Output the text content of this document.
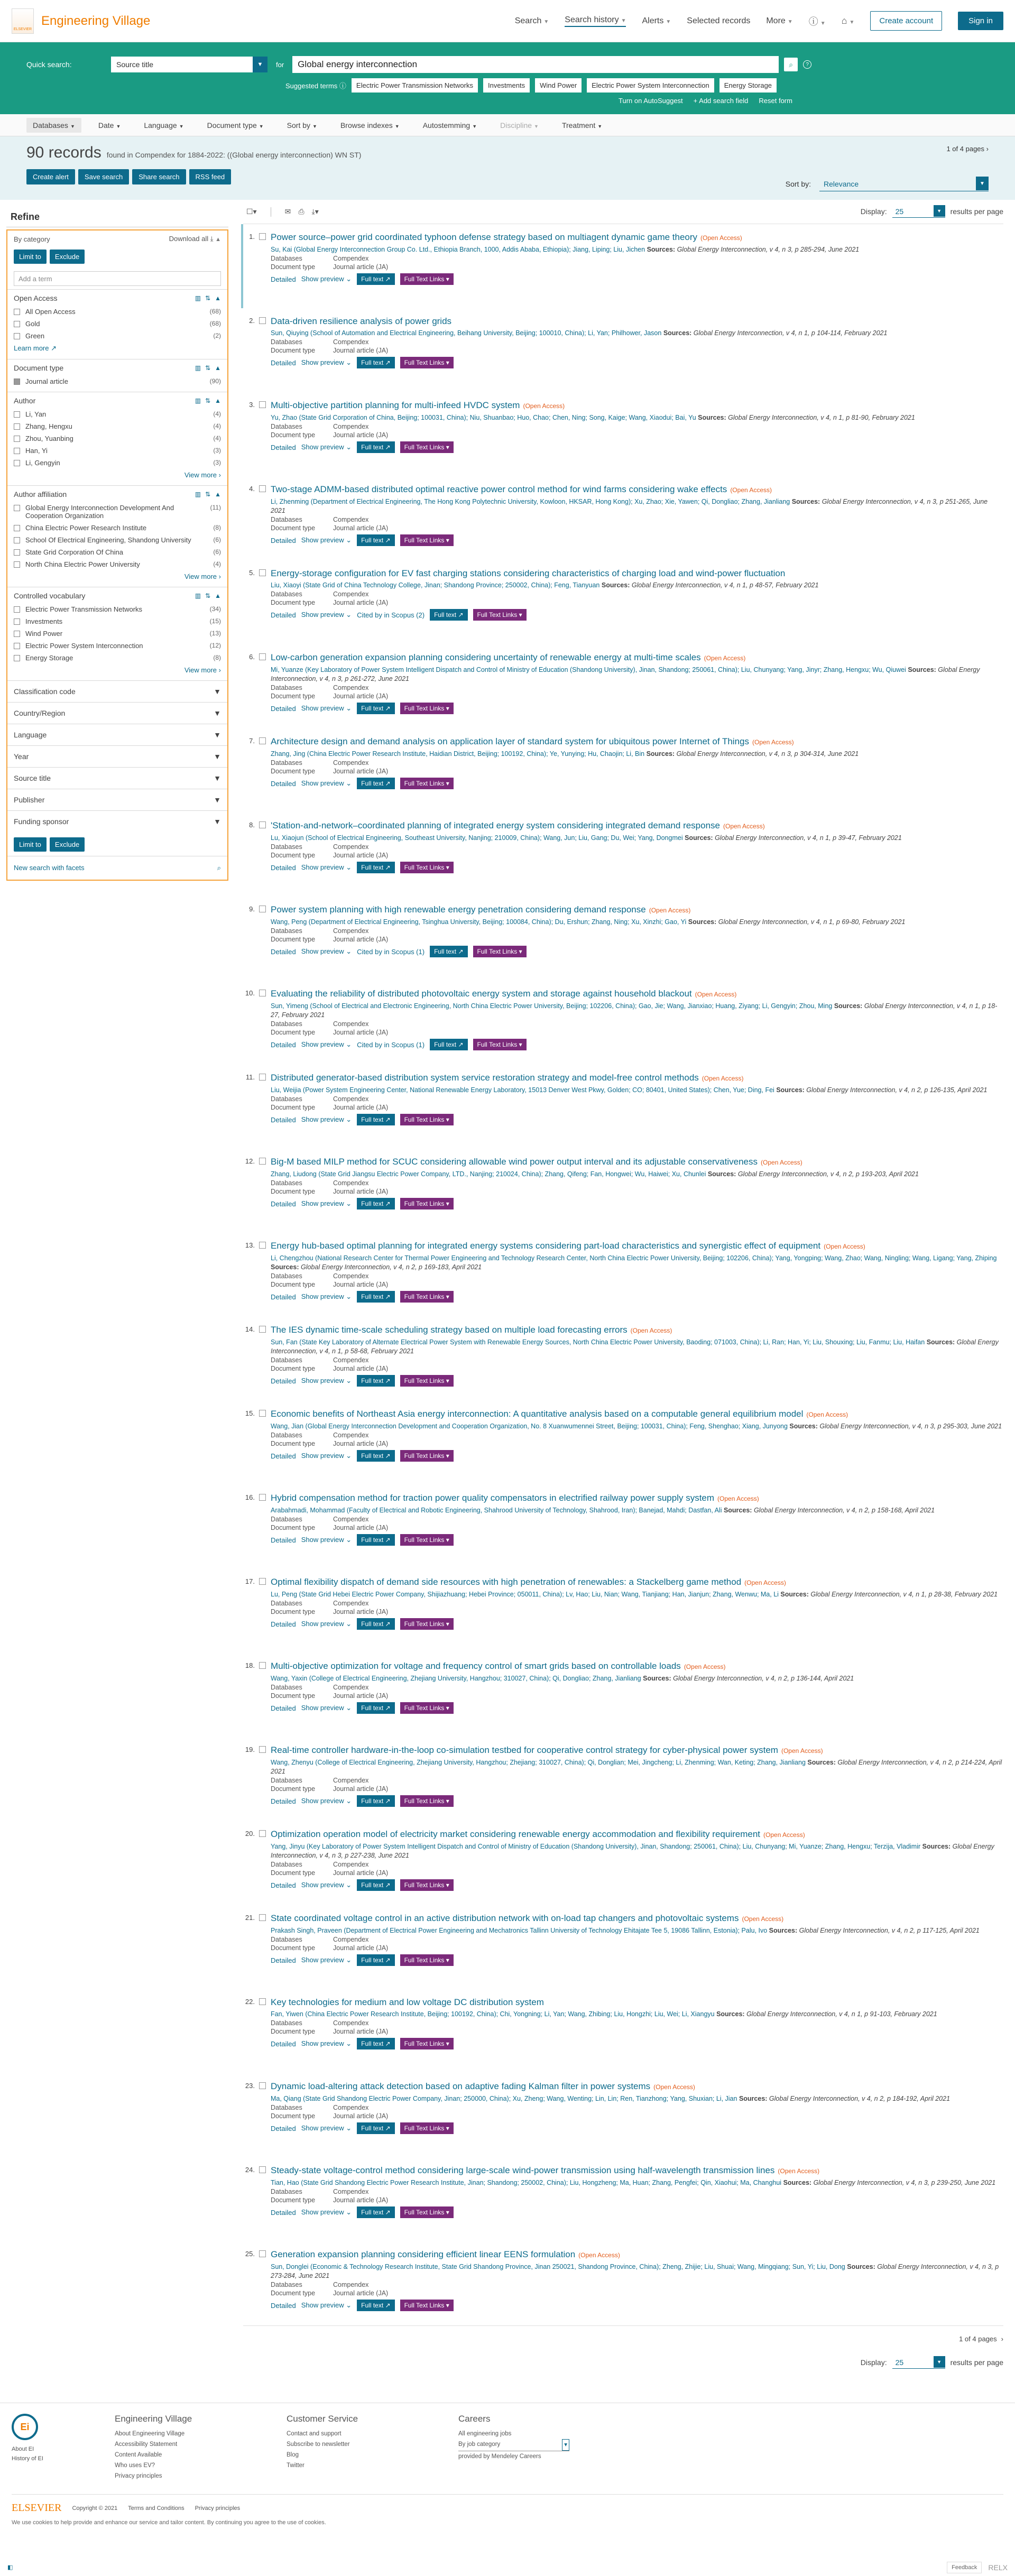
ELSEVIER
Engineering Village	Search ▼ Search history ▼ Alerts ▼ Selected records More ▼ ⓘ ▼ ⌂ ▼	Create account	Sign in
Quick search:	Source title	▼	for	Global energy interconnection	⌕	?
Suggested terms ⓘ	Electric Power Transmission Networks	Investments	Wind Power	Electric Power System Interconnection	Energy Storage
Turn on AutoSuggest + Add search field Reset form
Databases ▼	Date ▼	Language ▼	Document type ▼	Sort by ▼	Browse indexes ▼	Autostemming ▼	Discipline ▼	Treatment ▼
90 records found in Compendex for 1884-2022: ((Global energy interconnection) WN ST)
1 of 4 pages ›
Create alert	Save search	Share search	RSS feed
Sort by: Relevance	▼
Refine
By category	Download all ⤓ ▲
Limit to	Exclude
Add a term
Open Access	▥ ⇅ ▲
All Open Access	(68)
Gold	(68)
Green	(2)
Learn more ↗
Document type	▥ ⇅ ▲
Journal article	(90)
Author	▥ ⇅ ▲
Li, Yan	(4)
Zhang, Hengxu	(4)
Zhou, Yuanbing	(4)
Han, Yi	(3)
Li, Gengyin	(3)
View more ›
Author affiliation	▥ ⇅ ▲
Global Energy Interconnection Development And Cooperation Organization
(11)
China Electric Power Research Institute	(8)
School Of Electrical Engineering, Shandong University	(6)
State Grid Corporation Of China	(6)
North China Electric Power University	(4)
View more ›
Controlled vocabulary	▥ ⇅ ▲
Electric Power Transmission Networks	(34)
Investments	(15)
Wind Power	(13)
Electric Power System Interconnection	(12)
Energy Storage	(8)
View more ›
Classification code	▼
Country/Region	▼
Language	▼
Year	▼
Source title	▼
Publisher	▼
Funding sponsor	▼
Limit to	Exclude
New search with facets	⌕
☐▾	✉ ⎙ ⤓▾	Display: 25	▼	results per page
1. Power source–power grid coordinated typhoon defense strategy based on multiagent dynamic game theory (Open Access)
Su, Kai (Global Energy Interconnection Group Co. Ltd., Ethiopia Branch, 1000, Addis Ababa, Ethiopia); Jiang, Liping; Liu, Jichen Sources: Global Energy Interconnection, v 4, n 3, p 285-294, June 2021
Databases	Compendex
Document type	Journal article (JA)
Detailed Show preview ⌄	Full text ↗	Full Text Links ▾
2. Data-driven resilience analysis of power grids
Sun, Qiuying (School of Automation and Electrical Engineering, Beihang University, Beijing; 100010, China); Li, Yan; Philhower, Jason Sources: Global Energy Interconnection, v 4, n 1, p 104-114, February 2021
Databases	Compendex
Document type	Journal article (JA)
Detailed Show preview ⌄	Full text ↗	Full Text Links ▾
3. Multi-objective partition planning for multi-infeed HVDC system (Open Access)
Yu, Zhao (State Grid Corporation of China, Beijing; 100031, China); Niu, Shuanbao; Huo, Chao; Chen, Ning; Song, Kaige; Wang, Xiaodui; Bai, Yu Sources: Global Energy Interconnection, v 4, n 1, p 81-90, February 2021
Databases	Compendex
Document type	Journal article (JA)
Detailed Show preview ⌄	Full text ↗	Full Text Links ▾
4. Two-stage ADMM-based distributed optimal reactive power control method for wind farms considering wake effects (Open Access)
Li, Zhenming (Department of Electrical Engineering, The Hong Kong Polytechnic University, Kowloon, HKSAR, Hong Kong); Xu, Zhao; Xie, Yawen; Qi, Dongliao; Zhang, Jianliang Sources: Global Energy Interconnection, v 4, n 3, p 251-265, June 2021
Databases	Compendex
Document type	Journal article (JA)
Detailed Show preview ⌄	Full text ↗	Full Text Links ▾
5. Energy-storage configuration for EV fast charging stations considering characteristics of charging load and wind-power fluctuation
Liu, Xiaoyi (State Grid of China Technology College, Jinan; Shandong Province; 250002, China); Feng, Tianyuan Sources: Global Energy Interconnection, v 4, n 1, p 48-57, February 2021
Databases	Compendex
Document type	Journal article (JA)
Detailed Show preview ⌄ Cited by in Scopus (2)	Full text ↗	Full Text Links ▾
6. Low-carbon generation expansion planning considering uncertainty of renewable energy at multi-time scales (Open Access)
Mi, Yuanze (Key Laboratory of Power System Intelligent Dispatch and Control of Ministry of Education (Shandong University), Jinan, Shandong; 250061, China); Liu, Chunyang; Yang, Jinyr; Zhang, Hengxu; Wu, Qiuwei Sources: Global Energy Interconnection, v 4, n 3, p 261-272, June 2021
Databases	Compendex
Document type	Journal article (JA)
Detailed Show preview ⌄	Full text ↗	Full Text Links ▾
7. Architecture design and demand analysis on application layer of standard system for ubiquitous power Internet of Things (Open Access)
Zhang, Jing (China Electric Power Research Institute, Haidian District, Beijing; 100192, China); Ye, Yunying; Hu, Chaojin; Li, Bin Sources: Global Energy Interconnection, v 4, n 3, p 304-314, June 2021
Databases	Compendex
Document type	Journal article (JA)
Detailed Show preview ⌄	Full text ↗	Full Text Links ▾
8. 'Station-and-network–coordinated planning of integrated energy system considering integrated demand response (Open Access)
Lu, Xiaojun (School of Electrical Engineering, Southeast University, Nanjing; 210009, China); Wang, Jun; Liu, Gang; Du, Wei; Yang, Dongmei Sources: Global Energy Interconnection, v 4, n 1, p 39-47, February 2021
Databases	Compendex
Document type	Journal article (JA)
Detailed Show preview ⌄	Full text ↗	Full Text Links ▾
9. Power system planning with high renewable energy penetration considering demand response (Open Access)
Wang, Peng (Department of Electrical Engineering, Tsinghua University, Beijing; 100084, China); Du, Ershun; Zhang, Ning; Xu, Xinzhi; Gao, Yi Sources: Global Energy Interconnection, v 4, n 1, p 69-80, February 2021
Databases	Compendex
Document type	Journal article (JA)
Detailed Show preview ⌄ Cited by in Scopus (1)	Full text ↗	Full Text Links ▾
10. Evaluating the reliability of distributed photovoltaic energy system and storage against household blackout (Open Access)
Sun, Yimeng (School of Electrical and Electronic Engineering, North China Electric Power University, Beijing; 102206, China); Gao, Jie; Wang, Jianxiao; Huang, Ziyang; Li, Gengyin; Zhou, Ming Sources: Global Energy Interconnection, v 4, n 1, p 18-27, February 2021
Databases	Compendex
Document type	Journal article (JA)
Detailed Show preview ⌄ Cited by in Scopus (1)	Full text ↗	Full Text Links ▾
11. Distributed generator-based distribution system service restoration strategy and model-free control methods (Open Access)
Liu, Weijia (Power System Engineering Center, National Renewable Energy Laboratory, 15013 Denver West Pkwy, Golden; CO; 80401, United States); Chen, Yue; Ding, Fei Sources: Global Energy Interconnection, v 4, n 2, p 126-135, April 2021
Databases	Compendex
Document type	Journal article (JA)
Detailed Show preview ⌄	Full text ↗	Full Text Links ▾
12. Big-M based MILP method for SCUC considering allowable wind power output interval and its adjustable conservativeness (Open Access)
Zhang, Liudong (State Grid Jiangsu Electric Power Company, LTD., Nanjing; 210024, China); Zhang, Qifeng; Fan, Hongwei; Wu, Haiwei; Xu, Chunlei Sources: Global Energy Interconnection, v 4, n 2, p 193-203, April 2021
Databases	Compendex
Document type	Journal article (JA)
Detailed Show preview ⌄	Full text ↗	Full Text Links ▾
13. Energy hub-based optimal planning for integrated energy systems considering part-load characteristics and synergistic effect of equipment (Open Access)
Li, Chengzhou (National Research Center for Thermal Power Engineering and Technology Research Center, North China Electric Power University, Beijing; 102206, China); Yang, Yongping; Wang, Zhao; Wang, Ningling; Wang, Ligang; Yang, Zhiping Sources: Global Energy Interconnection, v 4, n 2, p 169-183, April 2021
Databases	Compendex
Document type	Journal article (JA)
Detailed Show preview ⌄	Full text ↗	Full Text Links ▾
14. The IES dynamic time-scale scheduling strategy based on multiple load forecasting errors (Open Access)
Sun, Fan (State Key Laboratory of Alternate Electrical Power System with Renewable Energy Sources, North China Electric Power University, Baoding; 071003, China); Li, Ran; Han, Yi; Liu, Shouxing; Liu, Fanmu; Liu, Haifan Sources: Global Energy Interconnection, v 4, n 1, p 58-68, February 2021
Databases	Compendex
Document type	Journal article (JA)
Detailed Show preview ⌄	Full text ↗	Full Text Links ▾
15. Economic benefits of Northeast Asia energy interconnection: A quantitative analysis based on a computable general equilibrium model (Open Access)
Wang, Jian (Global Energy Interconnection Development and Cooperation Organization, No. 8 Xuanwumennei Street, Beijing; 100031, China); Feng, Shenghao; Xiang, Junyong Sources: Global Energy Interconnection, v 4, n 3, p 295-303, June 2021
Databases	Compendex
Document type	Journal article (JA)
Detailed Show preview ⌄	Full text ↗	Full Text Links ▾
16. Hybrid compensation method for traction power quality compensators in electrified railway power supply system (Open Access)
Arabahmadi, Mohammad (Faculty of Electrical and Robotic Engineering, Shahrood University of Technology, Shahrood, Iran); Banejad, Mahdi; Dastfan, Ali Sources: Global Energy Interconnection, v 4, n 2, p 158-168, April 2021
Databases	Compendex
Document type	Journal article (JA)
Detailed Show preview ⌄	Full text ↗	Full Text Links ▾
17. Optimal flexibility dispatch of demand side resources with high penetration of renewables: a Stackelberg game method (Open Access)
Lu, Peng (State Grid Hebei Electric Power Company, Shijiazhuang; Hebei Province; 050011, China); Lv, Hao; Liu, Nian; Wang, Tianjiang; Han, Jianjun; Zhang, Wenwu; Ma, Li Sources: Global Energy Interconnection, v 4, n 1, p 28-38, February 2021
Databases	Compendex
Document type	Journal article (JA)
Detailed Show preview ⌄	Full text ↗	Full Text Links ▾
18. Multi-objective optimization for voltage and frequency control of smart grids based on controllable loads (Open Access)
Wang, Yaxin (College of Electrical Engineering, Zhejiang University, Hangzhou; 310027, China); Qi, Dongliao; Zhang, Jianliang Sources: Global Energy Interconnection, v 4, n 2, p 136-144, April 2021
Databases	Compendex
Document type	Journal article (JA)
Detailed Show preview ⌄	Full text ↗	Full Text Links ▾
19. Real-time controller hardware-in-the-loop co-simulation testbed for cooperative control strategy for cyber-physical power system (Open Access)
Wang, Zhenyu (College of Electrical Engineering, Zhejiang University, Hangzhou; Zhejiang; 310027, China); Qi, Donglian; Mei, Jingcheng; Li, Zhenming; Wan, Keting; Zhang, Jianliang Sources: Global Energy Interconnection, v 4, n 2, p 214-224, April 2021
Databases	Compendex
Document type	Journal article (JA)
Detailed Show preview ⌄	Full text ↗	Full Text Links ▾
20. Optimization operation model of electricity market considering renewable energy accommodation and flexibility requirement (Open Access)
Yang, Jinyu (Key Laboratory of Power System Intelligent Dispatch and Control of Ministry of Education (Shandong University), Jinan, Shandong; 250061, China); Liu, Chunyang; Mi, Yuanze; Zhang, Hengxu; Terzija, Vladimir Sources: Global Energy Interconnection, v 4, n 3, p 227-238, June 2021
Databases	Compendex
Document type	Journal article (JA)
Detailed Show preview ⌄	Full text ↗	Full Text Links ▾
21. State coordinated voltage control in an active distribution network with on-load tap changers and photovoltaic systems (Open Access)
Prakash Singh, Praveen (Department of Electrical Power Engineering and Mechatronics Tallinn University of Technology Ehitajate Tee 5, 19086 Tallinn, Estonia); Palu, Ivo Sources: Global Energy Interconnection, v 4, n 2, p 117-125, April 2021
Databases	Compendex
Document type	Journal article (JA)
Detailed Show preview ⌄	Full text ↗	Full Text Links ▾
22. Key technologies for medium and low voltage DC distribution system
Fan, Yiwen (China Electric Power Research Institute, Beijing; 100192, China); Chi, Yongning; Li, Yan; Wang, Zhibing; Liu, Hongzhi; Liu, Wei; Li, Xiangyu Sources: Global Energy Interconnection, v 4, n 1, p 91-103, February 2021
Databases	Compendex
Document type	Journal article (JA)
Detailed Show preview ⌄	Full text ↗	Full Text Links ▾
23. Dynamic load-altering attack detection based on adaptive fading Kalman filter in power systems (Open Access)
Ma, Qiang (State Grid Shandong Electric Power Company, Jinan; 250000, China); Xu, Zheng; Wang, Wenting; Lin, Lin; Ren, Tianzhong; Yang, Shuxian; Li, Jian Sources: Global Energy Interconnection, v 4, n 2, p 184-192, April 2021
Databases	Compendex
Document type	Journal article (JA)
Detailed Show preview ⌄	Full text ↗	Full Text Links ▾
24. Steady-state voltage-control method considering large-scale wind-power transmission using half-wavelength transmission lines (Open Access)
Tian, Hao (State Grid Shandong Electric Power Research Institute, Jinan; Shandong; 250002, China); Liu, Hongzheng; Ma, Huan; Zhang, Pengfei; Qin, Xiaohui; Ma, Changhui Sources: Global Energy Interconnection, v 4, n 3, p 239-250, June 2021
Databases	Compendex
Document type	Journal article (JA)
Detailed Show preview ⌄	Full text ↗	Full Text Links ▾
25. Generation expansion planning considering efficient linear EENS formulation (Open Access)
Sun, Donglei (Economic & Technology Research Institute, State Grid Shandong Province, Jinan 250021, Shandong Province, China); Zheng, Zhijie; Liu, Shuai; Wang, Mingqiang; Sun, Yi; Liu, Dong Sources: Global Energy Interconnection, v 4, n 3, p 273-284, June 2021
Databases	Compendex
Document type	Journal article (JA)
Detailed Show preview ⌄	Full text ↗	Full Text Links ▾
1 of 4 pages ›
Display: 25	▼	results per page
Ei
About EI
History of EI
Engineering Village
About Engineering Village
Accessibility Statement
Content Available
Who uses EV?
Privacy principles
Customer Service
Contact and support
Subscribe to newsletter
Blog
Twitter
Careers
All engineering jobs
By job category	▾
provided by Mendeley Careers
ELSEVIER Copyright © 2021 Terms and Conditions Privacy principles
We use cookies to help provide and enhance our service and tailor content. By continuing you agree to the use of cookies.
◧	Feedback	RELX
